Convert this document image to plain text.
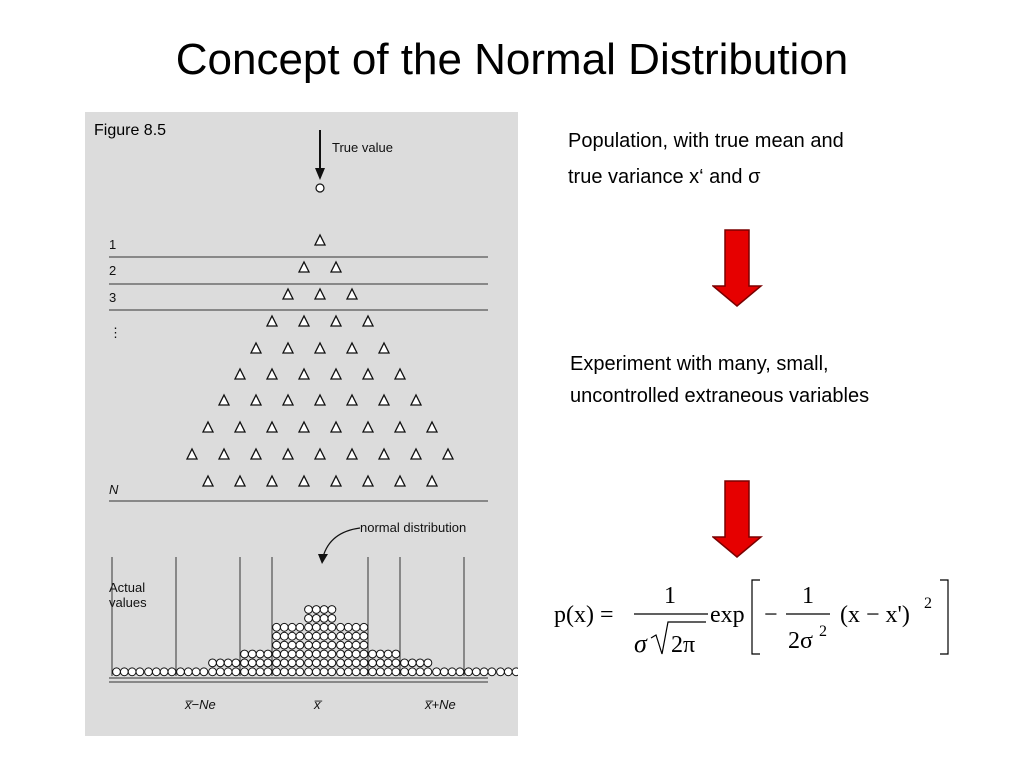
Concept of the Normal Distribution
True value
1
2
3
⋮
N
normal distribution
Actual
values
x̅−Ne	x̅	x̅+Ne
Figure 8.5	Population, with true mean and
true variance x‘ and σ
Experiment with many, small,
uncontrolled extraneous variables
p(x) =
1
σ 2π
exp −
1
2σ 2
(x − x') 2
